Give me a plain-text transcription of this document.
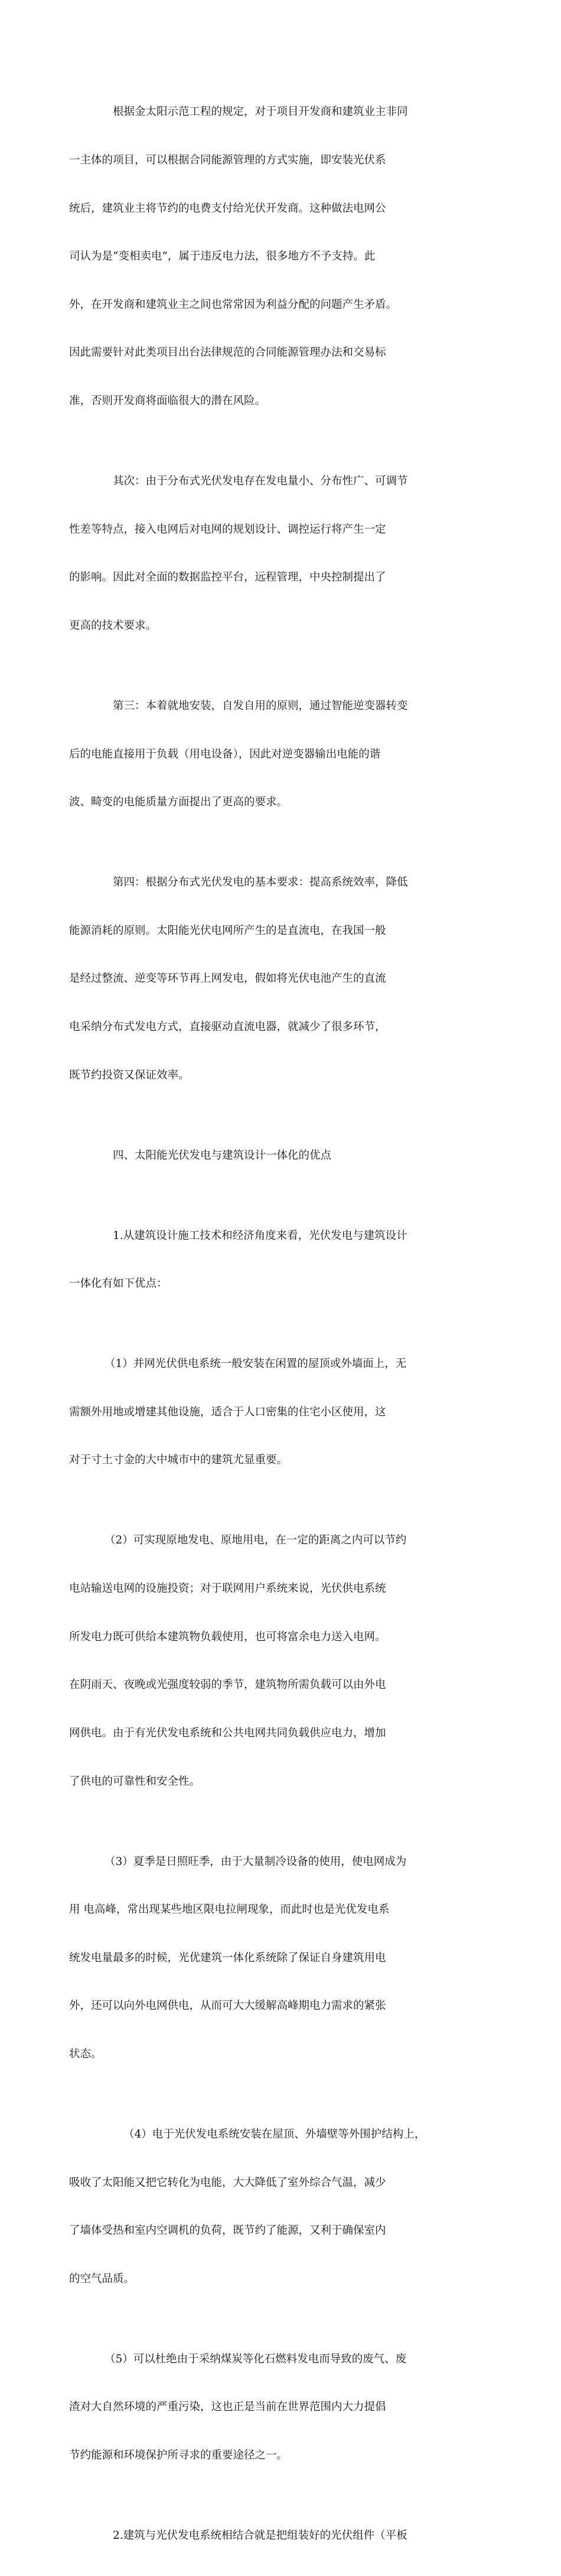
根据金太阳示范工程的规定，对于项目开发商和建筑业主非同

一主体的项目，可以根据合同能源管理的方式实施，即安装光伏系

统后，建筑业主将节约的电费支付给光伏开发商。这种做法电网公

司认为是“变相卖电”，属于违反电力法，很多地方不予支持。此

外，在开发商和建筑业主之间也常常因为利益分配的问题产生矛盾。

因此需要针对此类项目出台法律规范的合同能源管理办法和交易标

准，否则开发商将面临很大的潜在风险。

其次：由于分布式光伏发电存在发电量小、分布性广、可调节

性差等特点，接入电网后对电网的规划设计、调控运行将产生一定

的影响。因此对全面的数据监控平台，远程管理，中央控制提出了

更高的技术要求。

第三：本着就地安装，自发自用的原则，通过智能逆变器转变

后的电能直接用于负载（用电设备），因此对逆变器输出电能的谐

波、畸变的电能质量方面提出了更高的要求。

第四：根据分布式光伏发电的基本要求：提高系统效率，降低

能源消耗的原则。太阳能光伏电网所产生的是直流电，在我国一般

是经过整流、逆变等环节再上网发电，假如将光伏电池产生的直流

电采纳分布式发电方式，直接驱动直流电器，就减少了很多环节，

既节约投资又保证效率。

四、太阳能光伏发电与建筑设计一体化的优点

1.从建筑设计施工技术和经济角度来看，光伏发电与建筑设计

一体化有如下优点：

（1）并网光伏供电系统一般安装在闲置的屋顶或外墙面上，无

需额外用地或增建其他设施，适合于人口密集的住宅小区使用，这

对于寸土寸金的大中城市中的建筑尤显重要。

（2）可实现原地发电、原地用电，在一定的距离之内可以节约

电站输送电网的设施投资；对于联网用户系统来说，光伏供电系统

所发电力既可供给本建筑物负载使用，也可将富余电力送入电网。

在阴雨天、夜晚或光强度较弱的季节，建筑物所需负载可以由外电

网供电。由于有光伏发电系统和公共电网共同负载供应电力，增加

了供电的可靠性和安全性。

（3）夏季是日照旺季，由于大量制冷设备的使用，使电网成为

用 电高峰，常出现某些地区限电拉闸现象，而此时也是光优发电系

统发电量最多的时候，光优建筑一体化系统除了保证自身建筑用电

外，还可以向外电网供电，从而可大大缓解高峰期电力需求的紧张

状态。

（4）电于光伏发电系统安装在屋顶、外墙壁等外围护结构上，

吸收了太阳能又把它转化为电能，大大降低了室外综合气温，减少

了墙体受热和室内空调机的负荷，既节约了能源，又利于确保室内

的空气品质。

（5）可以杜绝由于采纳煤炭等化石燃料发电而导致的废气、废

渣对大自然环境的严重污染，这也正是当前在世界范围内大力提倡

节约能源和环境保护所寻求的重要途径之一。

2.建筑与光伏发电系统相结合就是把组装好的光伏组件（平板
